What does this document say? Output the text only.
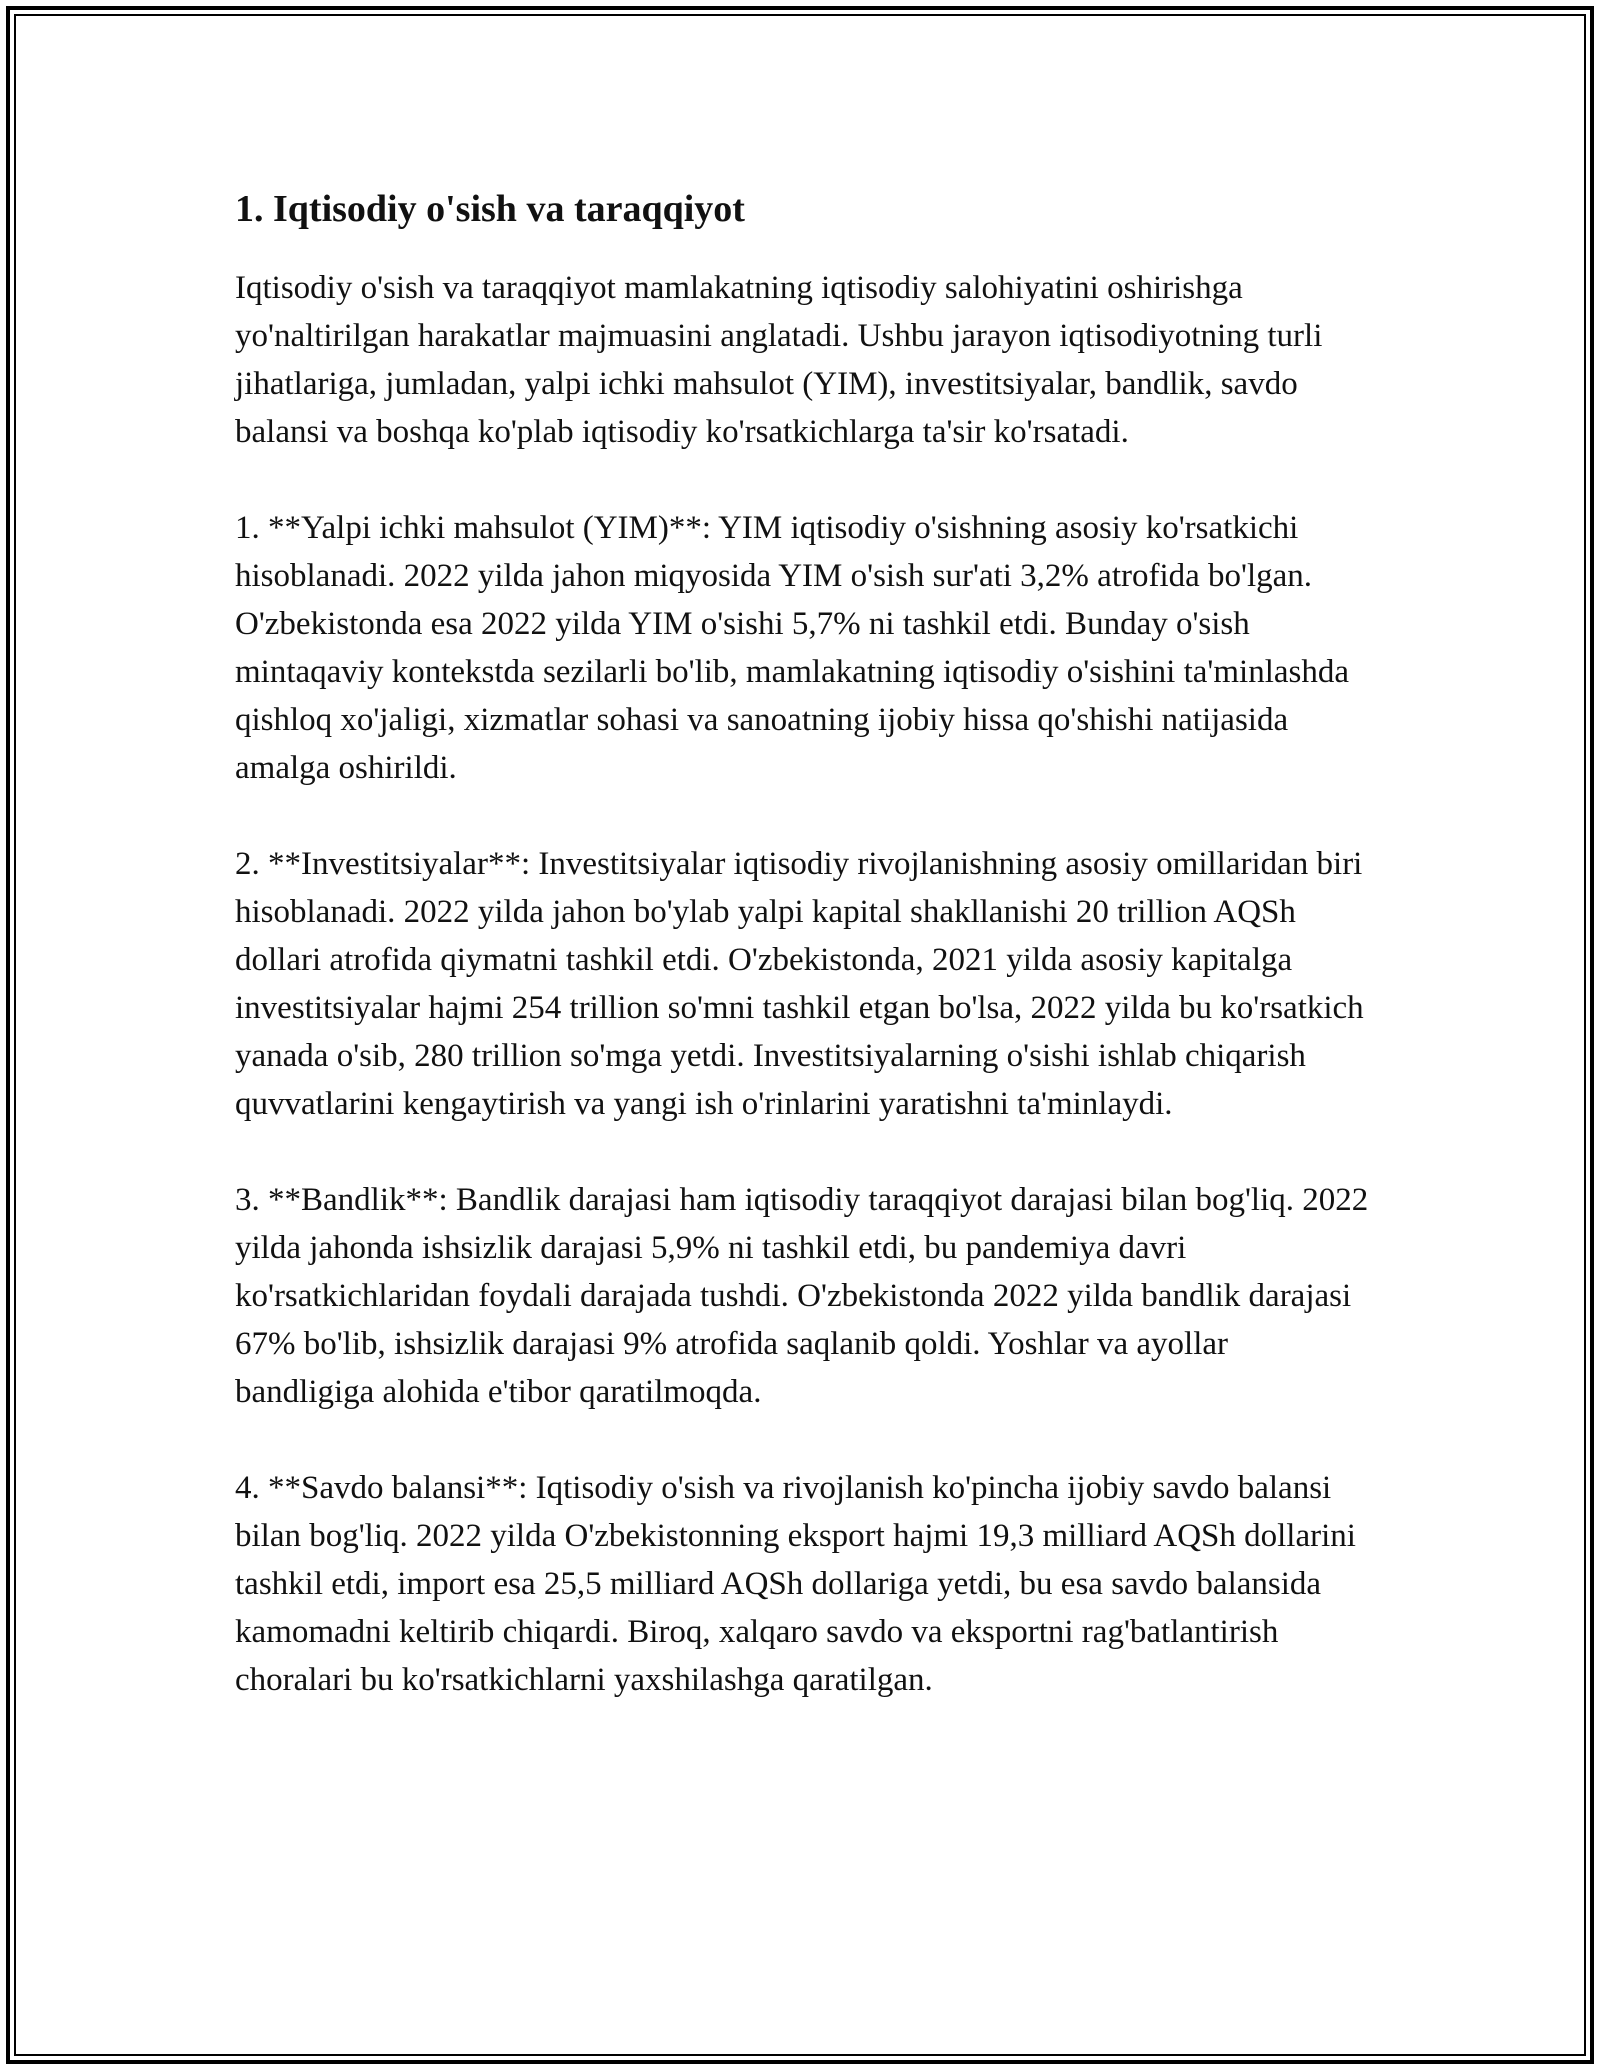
1. Iqtisodiy o'sish va taraqqiyot

Iqtisodiy o'sish va taraqqiyot mamlakatning iqtisodiy salohiyatini oshirishga yo'naltirilgan harakatlar majmuasini anglatadi. Ushbu jarayon iqtisodiyotning turli jihatlariga, jumladan, yalpi ichki mahsulot (YIM), investitsiyalar, bandlik, savdo balansi va boshqa ko'plab iqtisodiy ko'rsatkichlarga ta'sir ko'rsatadi.

1. **Yalpi ichki mahsulot (YIM)**: YIM iqtisodiy o'sishning asosiy ko'rsatkichi hisoblanadi. 2022 yilda jahon miqyosida YIM o'sish sur'ati 3,2% atrofida bo'lgan. O'zbekistonda esa 2022 yilda YIM o'sishi 5,7% ni tashkil etdi. Bunday o'sish mintaqaviy kontekstda sezilarli bo'lib, mamlakatning iqtisodiy o'sishini ta'minlashda qishloq xo'jaligi, xizmatlar sohasi va sanoatning ijobiy hissa qo'shishi natijasida amalga oshirildi.

2. **Investitsiyalar**: Investitsiyalar iqtisodiy rivojlanishning asosiy omillaridan biri hisoblanadi. 2022 yilda jahon bo'ylab yalpi kapital shakllanishi 20 trillion AQSh dollari atrofida qiymatni tashkil etdi. O'zbekistonda, 2021 yilda asosiy kapitalga investitsiyalar hajmi 254 trillion so'mni tashkil etgan bo'lsa, 2022 yilda bu ko'rsatkich yanada o'sib, 280 trillion so'mga yetdi. Investitsiyalarning o'sishi ishlab chiqarish quvvatlarini kengaytirish va yangi ish o'rinlarini yaratishni ta'minlaydi.

3. **Bandlik**: Bandlik darajasi ham iqtisodiy taraqqiyot darajasi bilan bog'liq. 2022 yilda jahonda ishsizlik darajasi 5,9% ni tashkil etdi, bu pandemiya davri ko'rsatkichlaridan foydali darajada tushdi. O'zbekistonda 2022 yilda bandlik darajasi 67% bo'lib, ishsizlik darajasi 9% atrofida saqlanib qoldi. Yoshlar va ayollar bandligiga alohida e'tibor qaratilmoqda.

4. **Savdo balansi**: Iqtisodiy o'sish va rivojlanish ko'pincha ijobiy savdo balansi bilan bog'liq. 2022 yilda O'zbekistonning eksport hajmi 19,3 milliard AQSh dollarini tashkil etdi, import esa 25,5 milliard AQSh dollariga yetdi, bu esa savdo balansida kamomadni keltirib chiqardi. Biroq, xalqaro savdo va eksportni rag'batlantirish choralari bu ko'rsatkichlarni yaxshilashga qaratilgan.
